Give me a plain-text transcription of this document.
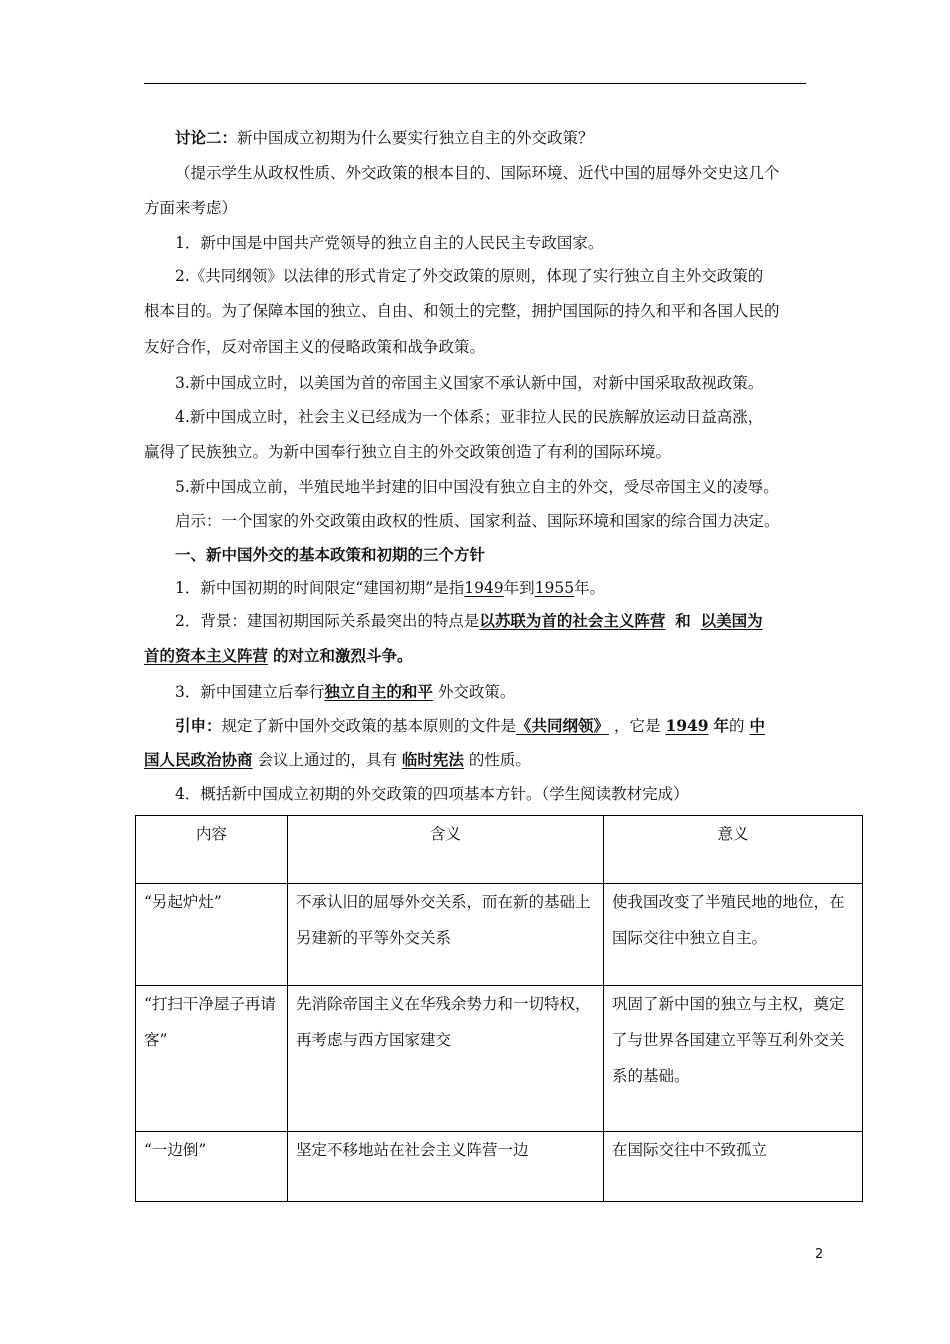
讨论二：新中国成立初期为什么要实行独立自主的外交政策？
（提示学生从政权性质、外交政策的根本目的、国际环境、近代中国的屈辱外交史这几个
方面来考虑）
1．新中国是中国共产党领导的独立自主的人民民主专政国家。
2.《共同纲领》以法律的形式肯定了外交政策的原则，体现了实行独立自主外交政策的
根本目的。为了保障本国的独立、自由、和领土的完整，拥护国国际的持久和平和各国人民的
友好合作，反对帝国主义的侵略政策和战争政策。
3.新中国成立时，以美国为首的帝国主义国家不承认新中国，对新中国采取敌视政策。
4.新中国成立时，社会主义已经成为一个体系；亚非拉人民的民族解放运动日益高涨，
赢得了民族独立。为新中国奉行独立自主的外交政策创造了有利的国际环境。
5.新中国成立前，半殖民地半封建的旧中国没有独立自主的外交，受尽帝国主义的凌辱。
启示：一个国家的外交政策由政权的性质、国家利益、国际环境和国家的综合国力决定。
一、新中国外交的基本政策和初期的三个方针
1．新中国初期的时间限定“建国初期”是指1949年到1955年。
2．背景：建国初期国际关系最突出的特点是以苏联为首的社会主义阵营 和 以美国为
首的资本主义阵营 的对立和激烈斗争。
3．新中国建立后奉行独立自主的和平 外交政策。
引申：规定了新中国外交政策的基本原则的文件是《共同纲领》 ，它是 1949 年的 中
国人民政治协商 会议上通过的，具有 临时宪法 的性质。
4．概括新中国成立初期的外交政策的四项基本方针。（学生阅读教材完成）
内容	含义	意义
“另起炉灶”	不承认旧的屈辱外交关系，而在新的基础上另建新的平等外交关系	使我国改变了半殖民地的地位，在国际交往中独立自主。
“打扫干净屋子再请客”	先消除帝国主义在华残余势力和一切特权，再考虑与西方国家建交	巩固了新中国的独立与主权，奠定了与世界各国建立平等互利外交关系的基础。
“一边倒”	坚定不移地站在社会主义阵营一边	在国际交往中不致孤立
2
